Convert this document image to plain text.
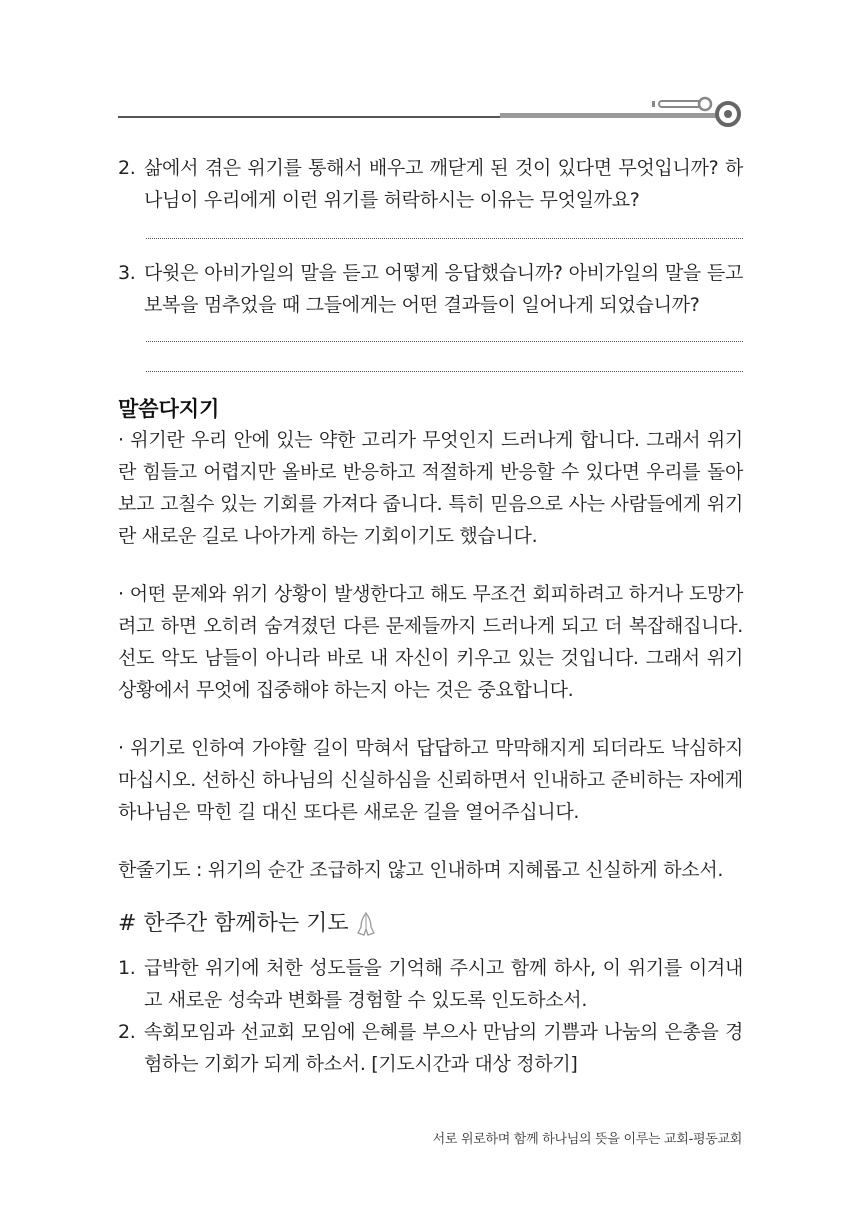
2. 삶에서 겪은 위기를 통해서 배우고 깨닫게 된 것이 있다면 무엇입니까? 하나님이 우리에게 이런 위기를 허락하시는 이유는 무엇일까요?
3. 다윗은 아비가일의 말을 듣고 어떻게 응답했습니까? 아비가일의 말을 듣고 보복을 멈추었을 때 그들에게는 어떤 결과들이 일어나게 되었습니까?
말씀다지기

· 위기란 우리 안에 있는 약한 고리가 무엇인지 드러나게 합니다. 그래서 위기란 힘들고 어렵지만 올바로 반응하고 적절하게 반응할 수 있다면 우리를 돌아보고 고칠수 있는 기회를 가져다 줍니다. 특히 믿음으로 사는 사람들에게 위기란 새로운 길로 나아가게 하는 기회이기도 했습니다.

· 어떤 문제와 위기 상황이 발생한다고 해도 무조건 회피하려고 하거나 도망가려고 하면 오히려 숨겨졌던 다른 문제들까지 드러나게 되고 더 복잡해집니다. 선도 악도 남들이 아니라 바로 내 자신이 키우고 있는 것입니다. 그래서 위기 상황에서 무엇에 집중해야 하는지 아는 것은 중요합니다.

· 위기로 인하여 가야할 길이 막혀서 답답하고 막막해지게 되더라도 낙심하지 마십시오. 선하신 하나님의 신실하심을 신뢰하면서 인내하고 준비하는 자에게 하나님은 막힌 길 대신 또다른 새로운 길을 열어주십니다.

한줄기도 : 위기의 순간 조급하지 않고 인내하며 지혜롭고 신실하게 하소서.
# 한주간 함께하는 기도
1. 급박한 위기에 처한 성도들을 기억해 주시고 함께 하사, 이 위기를 이겨내고 새로운 성숙과 변화를 경험할 수 있도록 인도하소서.
2. 속회모임과 선교회 모임에 은혜를 부으사 만남의 기쁨과 나눔의 은총을 경험하는 기회가 되게 하소서. [기도시간과 대상 정하기]
서로 위로하며 함께 하나님의 뜻을 이루는 교회-평동교회
